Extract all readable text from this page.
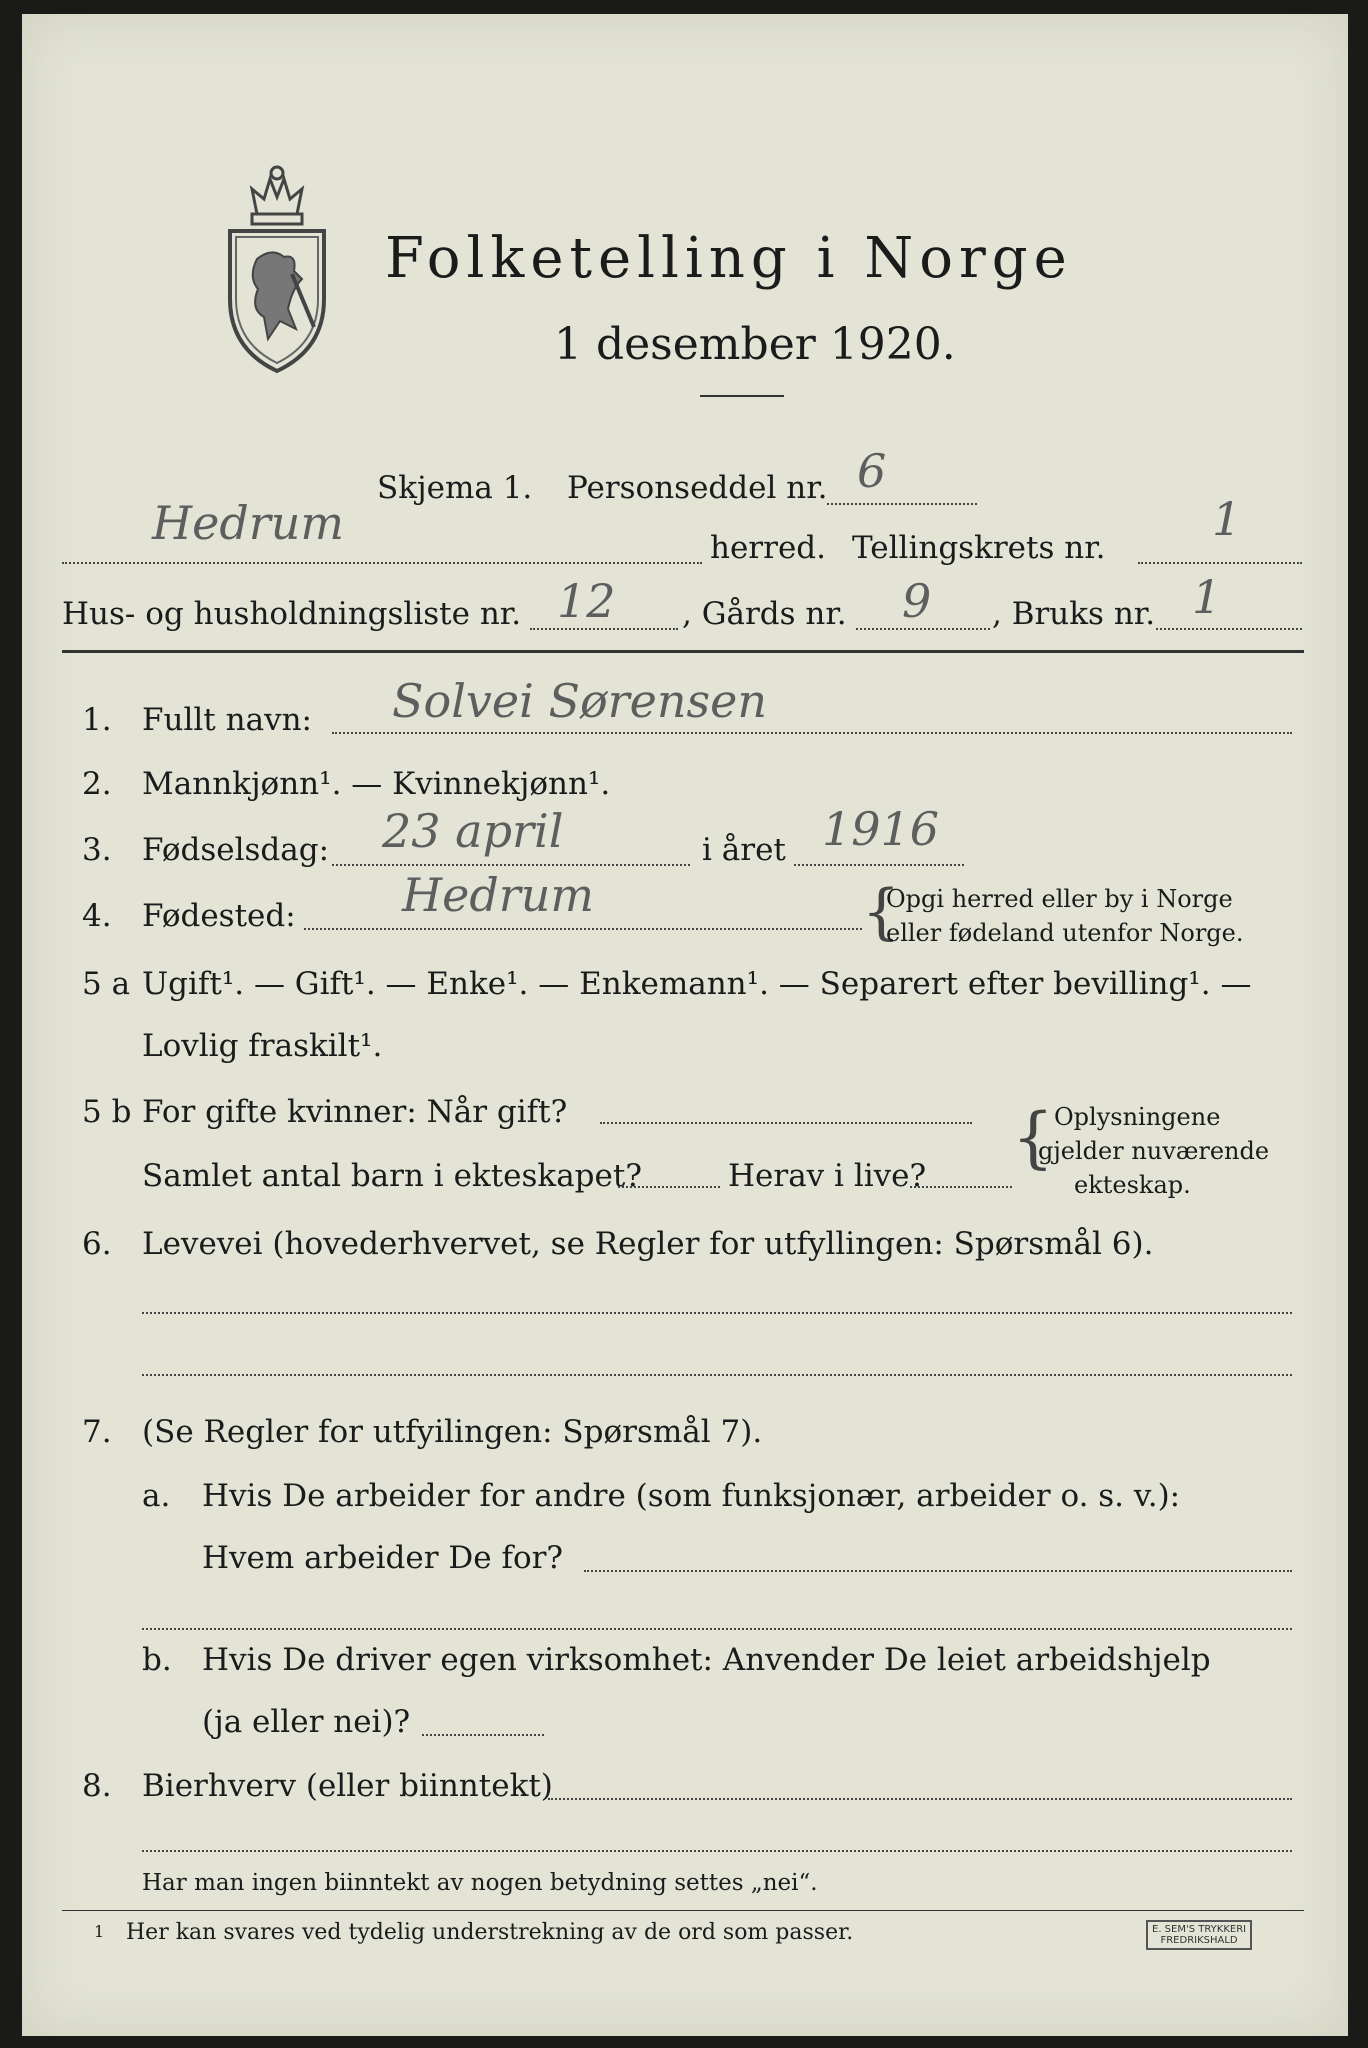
Folketelling i Norge
1 desember 1920.
Skjema 1. Personseddel nr. 6
Hedrum	herred. Tellingskrets nr.
1
Hus- og husholdningsliste nr. 12 , Gårds nr. 9 , Bruks nr. 1
1. Fullt navn: Solvei Sørensen
2. Mannkjønn¹. — Kvinnekjønn¹.
3. Fødselsdag: 23 april	i året 1916
4. Fødested: Hedrum	{
Opgi herred eller by i Norge
eller fødeland utenfor Norge.
5 a Ugift¹. — Gift¹. — Enke¹. — Enkemann¹. — Separert efter bevilling¹. —
Lovlig fraskilt¹.
5 b For gifte kvinner: Når gift?
Samlet antal barn i ekteskapet?	Herav i live? { Oplysningene
gjelder nuværende
ekteskap.
6. Levevei (hovederhvervet, se Regler for utfyllingen: Spørsmål 6).
7. (Se Regler for utfyilingen: Spørsmål 7).
a. Hvis De arbeider for andre (som funksjonær, arbeider o. s. v.):
Hvem arbeider De for?
b. Hvis De driver egen virksomhet: Anvender De leiet arbeidshjelp
(ja eller nei)?
8. Bierhverv (eller biinntekt)
Har man ingen biinntekt av nogen betydning settes „nei“.
1 Her kan svares ved tydelig understrekning av de ord som passer.	E. SEM'S TRYKKERI
FREDRIKSHALD
